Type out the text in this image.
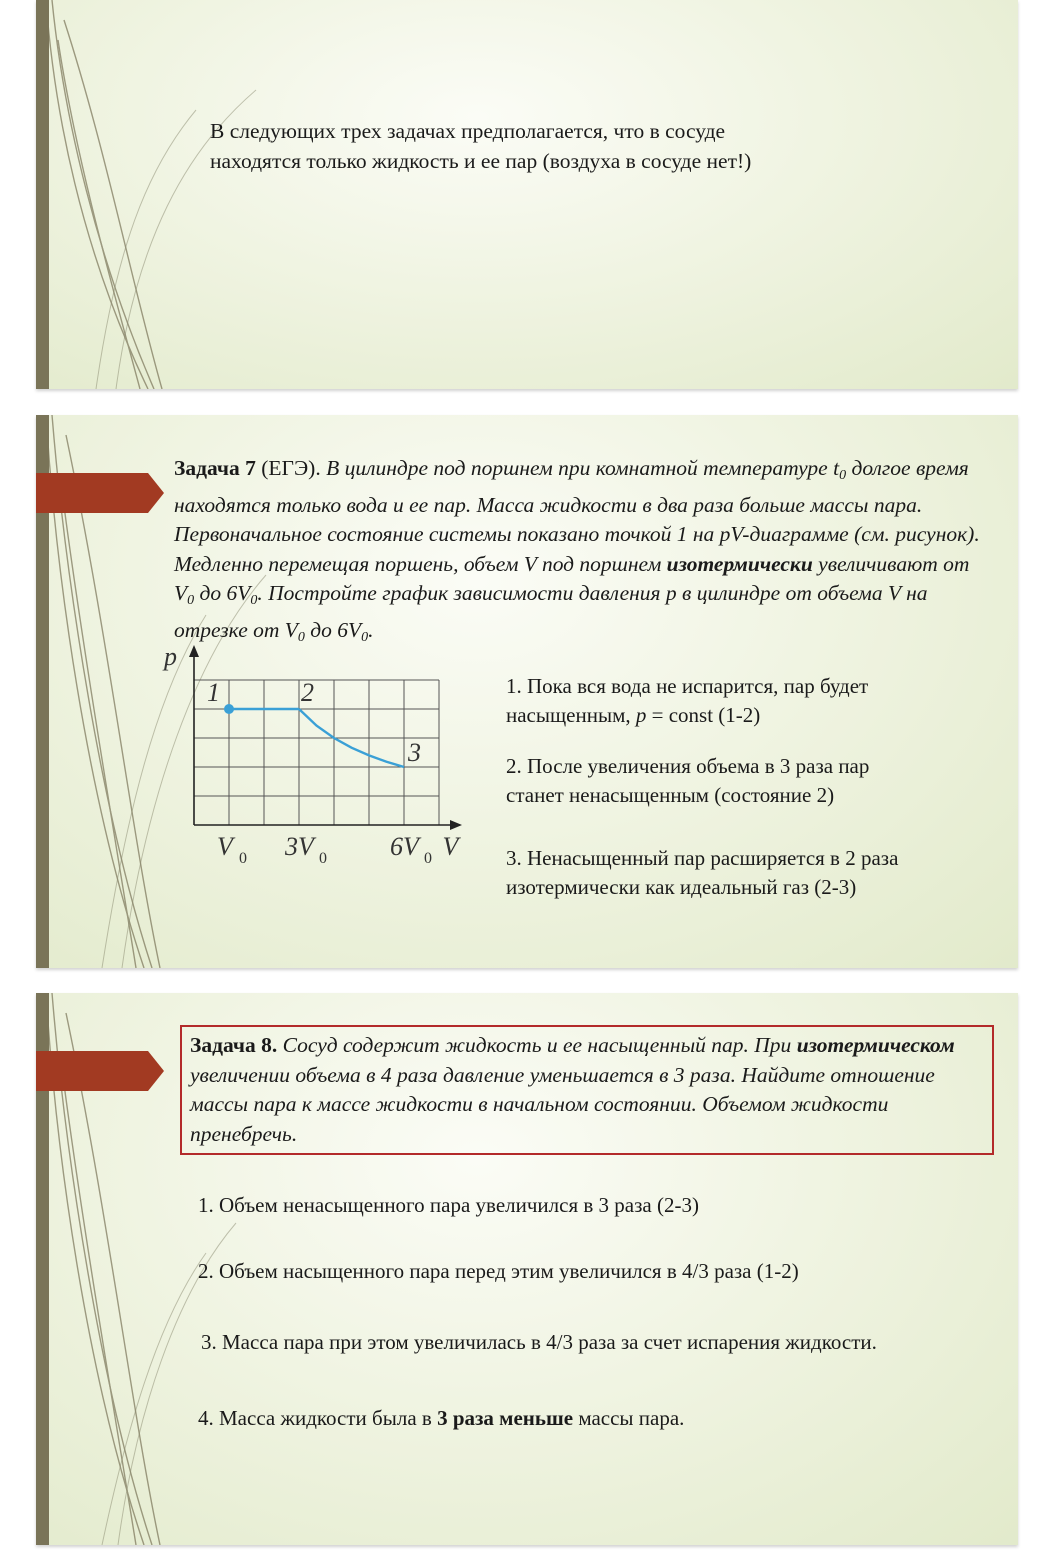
В следующих трех задачах предполагается, что в сосуде
находятся только жидкость и ее пар (воздуха в сосуде нет!)
Задача 7 (ЕГЭ). В цилиндре под поршнем при комнатной температуре $t_0$ долгое время находятся только вода и ее пар. Масса жидкости в два раза больше массы пара. Первоначальное состояние системы показано точкой 1 на pV-диаграмме (см. рисунок). Медленно перемещая поршень, объем V под поршнем изотермически увеличивают от $V_0$ до $6V_0$. Постройте график зависимости давления p в цилиндре от объема V на отрезке от $V_0$ до $6V_0$.
p
V
V 0 3V 0 6V 0
1	2
3
1. Пока вся вода не испарится, пар будет
насыщенным, p = const (1-2)
2. После увеличения объема в 3 раза пар
станет ненасыщенным (состояние 2)
3. Ненасыщенный пар расширяется в 2 раза
изотермически как идеальный газ (2-3)
Задача 8. Сосуд содержит жидкость и ее насыщенный пар. При изотермическом увеличении объема в 4 раза давление уменьшается в 3 раза. Найдите отношение массы пара к массе жидкости в начальном состоянии. Объемом жидкости пренебречь.
1. Объем ненасыщенного пара увеличился в 3 раза (2-3)
2. Объем насыщенного пара перед этим увеличился в 4/3 раза (1-2)
3. Масса пара при этом увеличилась в 4/3 раза за счет испарения жидкости.
4. Масса жидкости была в 3 раза меньше массы пара.
